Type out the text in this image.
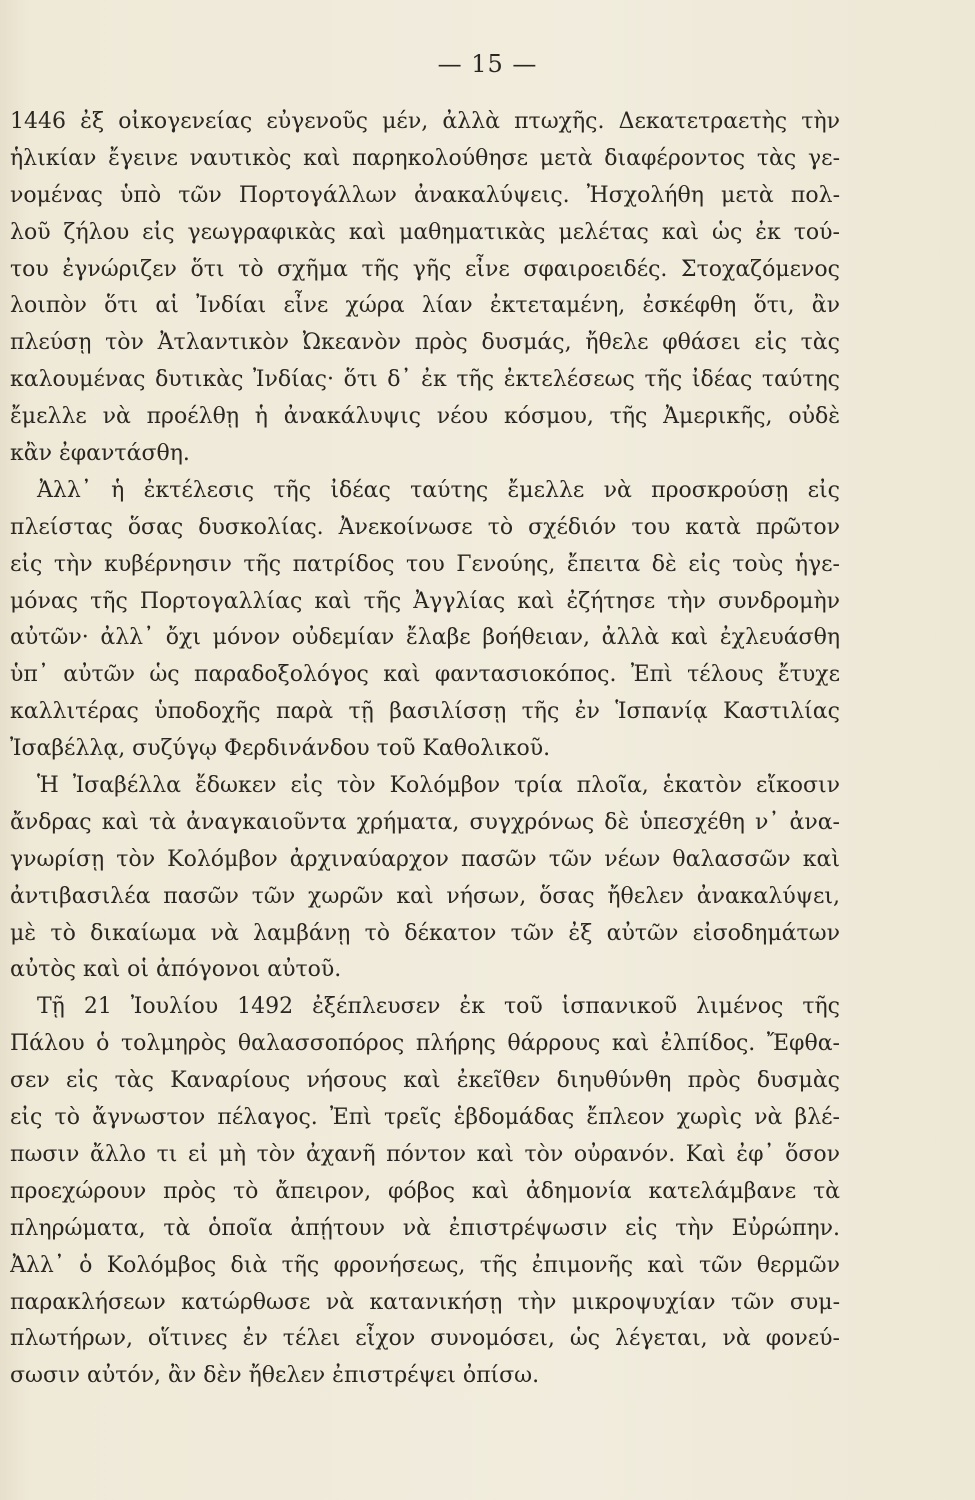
— 15 —
1446 ἐξ οἰκογενείας εὐγενοῦς μέν, ἀλλὰ πτωχῆς. Δεκατετραετὴς τὴν
ἡλικίαν ἔγεινε ναυτικὸς καὶ παρηκολούθησε μετὰ διαφέροντος τὰς γε-
νομένας ὑπὸ τῶν Πορτογάλλων ἀνακαλύψεις. Ἠσχολήθη μετὰ πολ-
λοῦ ζήλου εἰς γεωγραφικὰς καὶ μαθηματικὰς μελέτας καὶ ὡς ἐκ τού-
του ἐγνώριζεν ὅτι τὸ σχῆμα τῆς γῆς εἶνε σφαιροειδές. Στοχαζόμενος
λοιπὸν ὅτι αἱ Ἰνδίαι εἶνε χώρα λίαν ἐκτεταμένη, ἐσκέφθη ὅτι, ἂν
πλεύσῃ τὸν Ἀτλαντικὸν Ὠκεανὸν πρὸς δυσμάς, ἤθελε φθάσει εἰς τὰς
καλουμένας δυτικὰς Ἰνδίας· ὅτι δ᾽ ἐκ τῆς ἐκτελέσεως τῆς ἰδέας ταύτης
ἔμελλε νὰ προέλθῃ ἡ ἀνακάλυψις νέου κόσμου, τῆς Ἀμερικῆς, οὐδὲ
κἂν ἐφαντάσθη.
Ἀλλ᾽ ἡ ἐκτέλεσις τῆς ἰδέας ταύτης ἔμελλε νὰ προσκρούσῃ εἰς
πλείστας ὅσας δυσκολίας. Ἀνεκοίνωσε τὸ σχέδιόν του κατὰ πρῶτον
εἰς τὴν κυβέρνησιν τῆς πατρίδος του Γενούης, ἔπειτα δὲ εἰς τοὺς ἡγε-
μόνας τῆς Πορτογαλλίας καὶ τῆς Ἀγγλίας καὶ ἐζήτησε τὴν συνδρομὴν
αὐτῶν· ἀλλ᾽ ὄχι μόνον οὐδεμίαν ἔλαβε βοήθειαν, ἀλλὰ καὶ ἐχλευάσθη
ὑπ᾽ αὐτῶν ὡς παραδοξολόγος καὶ φαντασιοκόπος. Ἐπὶ τέλους ἔτυχε
καλλιτέρας ὑποδοχῆς παρὰ τῇ βασιλίσσῃ τῆς ἐν Ἱσπανίᾳ Καστιλίας
Ἰσαβέλλᾳ, συζύγῳ Φερδινάνδου τοῦ Καθολικοῦ.
Ἡ Ἰσαβέλλα ἔδωκεν εἰς τὸν Κολόμβον τρία πλοῖα, ἑκατὸν εἴκοσιν
ἄνδρας καὶ τὰ ἀναγκαιοῦντα χρήματα, συγχρόνως δὲ ὑπεσχέθη ν᾽ ἀνα-
γνωρίσῃ τὸν Κολόμβον ἀρχιναύαρχον πασῶν τῶν νέων θαλασσῶν καὶ
ἀντιβασιλέα πασῶν τῶν χωρῶν καὶ νήσων, ὅσας ἤθελεν ἀνακαλύψει,
μὲ τὸ δικαίωμα νὰ λαμβάνῃ τὸ δέκατον τῶν ἐξ αὐτῶν εἰσοδημάτων
αὐτὸς καὶ οἱ ἀπόγονοι αὐτοῦ.
Τῇ 21 Ἰουλίου 1492 ἐξέπλευσεν ἐκ τοῦ ἱσπανικοῦ λιμένος τῆς
Πάλου ὁ τολμηρὸς θαλασσοπόρος πλήρης θάρρους καὶ ἐλπίδος. Ἔφθα-
σεν εἰς τὰς Καναρίους νήσους καὶ ἐκεῖθεν διηυθύνθη πρὸς δυσμὰς
εἰς τὸ ἄγνωστον πέλαγος. Ἐπὶ τρεῖς ἑβδομάδας ἔπλεον χωρὶς νὰ βλέ-
πωσιν ἄλλο τι εἰ μὴ τὸν ἀχανῆ πόντον καὶ τὸν οὐρανόν. Καὶ ἐφ᾽ ὅσον
προεχώρουν πρὸς τὸ ἄπειρον, φόβος καὶ ἀδημονία κατελάμβανε τὰ
πληρώματα, τὰ ὁποῖα ἀπῄτουν νὰ ἐπιστρέψωσιν εἰς τὴν Εὐρώπην.
Ἀλλ᾽ ὁ Κολόμβος διὰ τῆς φρονήσεως, τῆς ἐπιμονῆς καὶ τῶν θερμῶν
παρακλήσεων κατώρθωσε νὰ κατανικήσῃ τὴν μικροψυχίαν τῶν συμ-
πλωτήρων, οἵτινες ἐν τέλει εἶχον συνομόσει, ὡς λέγεται, νὰ φονεύ-
σωσιν αὐτόν, ἂν δὲν ἤθελεν ἐπιστρέψει ὀπίσω.
